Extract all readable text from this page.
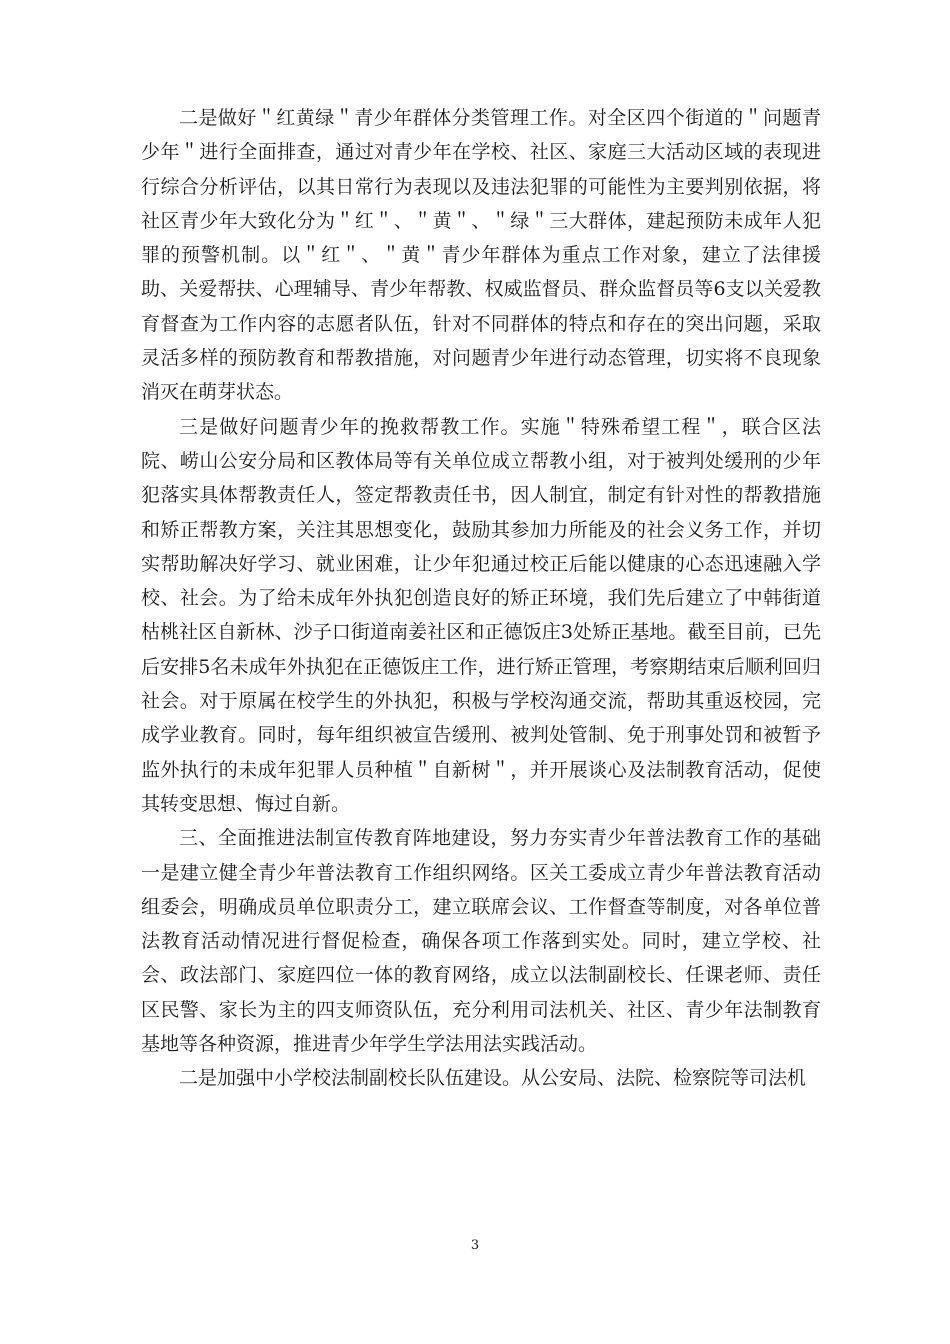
二是做好＂红黄绿＂青少年群体分类管理工作。对全区四个街道的＂问题青少年＂进行全面排查，通过对青少年在学校、社区、家庭三大活动区域的表现进行综合分析评估，以其日常行为表现以及违法犯罪的可能性为主要判别依据，将社区青少年大致化分为＂红＂、＂黄＂、＂绿＂三大群体，建起预防未成年人犯罪的预警机制。以＂红＂、＂黄＂青少年群体为重点工作对象，建立了法律援助、关爱帮扶、心理辅导、青少年帮教、权威监督员、群众监督员等6支以关爱教育督查为工作内容的志愿者队伍，针对不同群体的特点和存在的突出问题，采取灵活多样的预防教育和帮教措施，对问题青少年进行动态管理，切实将不良现象消灭在萌芽状态。

三是做好问题青少年的挽救帮教工作。实施＂特殊希望工程＂，联合区法院、崂山公安分局和区教体局等有关单位成立帮教小组，对于被判处缓刑的少年犯落实具体帮教责任人，签定帮教责任书，因人制宜，制定有针对性的帮教措施和矫正帮教方案，关注其思想变化，鼓励其参加力所能及的社会义务工作，并切实帮助解决好学习、就业困难，让少年犯通过校正后能以健康的心态迅速融入学校、社会。为了给未成年外执犯创造良好的矫正环境，我们先后建立了中韩街道枯桃社区自新林、沙子口街道南姜社区和正德饭庄3处矫正基地。截至目前，已先后安排5名未成年外执犯在正德饭庄工作，进行矫正管理，考察期结束后顺利回归社会。对于原属在校学生的外执犯，积极与学校沟通交流，帮助其重返校园，完成学业教育。同时，每年组织被宣告缓刑、被判处管制、免于刑事处罚和被暂予监外执行的未成年犯罪人员种植＂自新树＂，并开展谈心及法制教育活动，促使其转变思想、悔过自新。

三、全面推进法制宣传教育阵地建设，努力夯实青少年普法教育工作的基础一是建立健全青少年普法教育工作组织网络。区关工委成立青少年普法教育活动组委会，明确成员单位职责分工，建立联席会议、工作督查等制度，对各单位普法教育活动情况进行督促检查，确保各项工作落到实处。同时，建立学校、社会、政法部门、家庭四位一体的教育网络，成立以法制副校长、任课老师、责任区民警、家长为主的四支师资队伍，充分利用司法机关、社区、青少年法制教育基地等各种资源，推进青少年学生学法用法实践活动。

二是加强中小学校法制副校长队伍建设。从公安局、法院、检察院等司法机

3
